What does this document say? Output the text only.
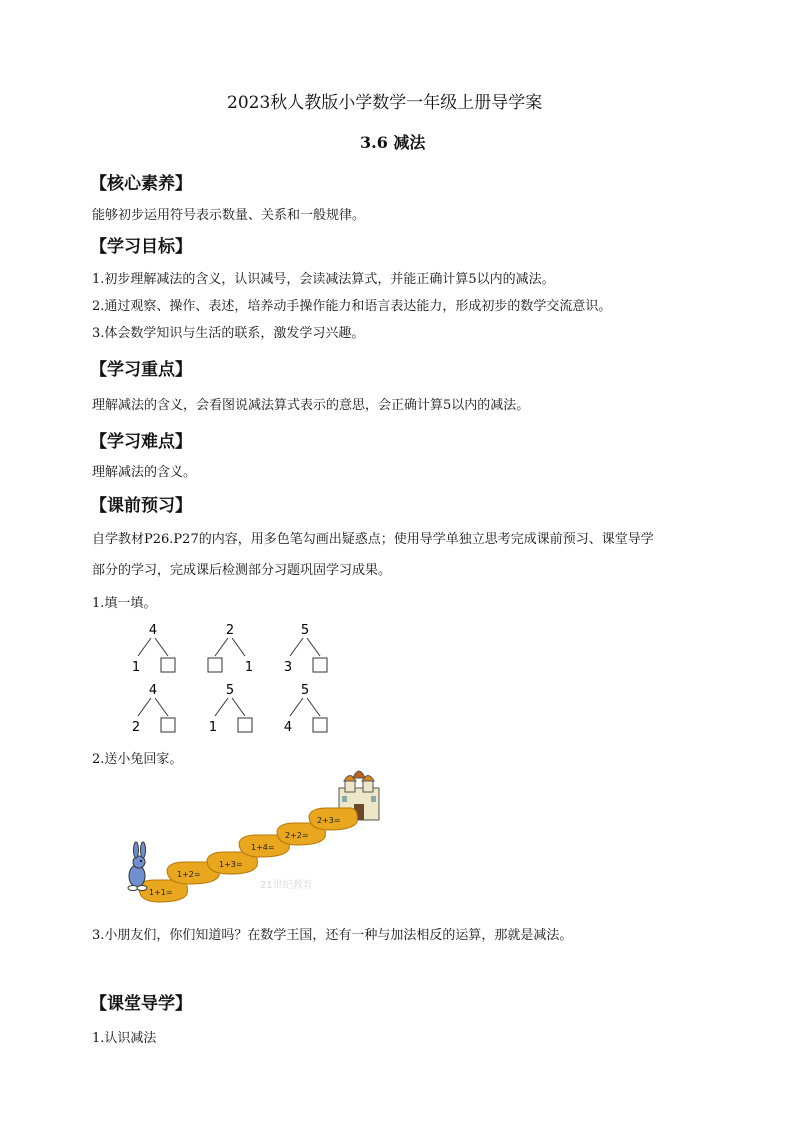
2023秋人教版小学数学一年级上册导学案
3.6 减法
【核心素养】
能够初步运用符号表示数量、关系和一般规律。
【学习目标】
1.初步理解减法的含义，认识减号，会读减法算式，并能正确计算5以内的减法。
2.通过观察、操作、表述，培养动手操作能力和语言表达能力，形成初步的数学交流意识。
3.体会数学知识与生活的联系，激发学习兴趣。
【学习重点】
理解减法的含义，会看图说减法算式表示的意思，会正确计算5以内的减法。
【学习难点】
理解减法的含义。
【课前预习】
自学教材P26.P27的内容，用多色笔勾画出疑惑点；使用导学单独立思考完成课前预习、课堂导学
部分的学习，完成课后检测部分习题巩固学习成果。
1.填一填。
4
1
2
1
5
3
4
2
5
1
5
4
2.送小兔回家。
21世纪教育
1+1=
1+2=
1+3=
1+4=
2+2=
2+3=
3.小朋友们，你们知道吗？在数学王国，还有一种与加法相反的运算，那就是减法。
【课堂导学】
1.认识减法
